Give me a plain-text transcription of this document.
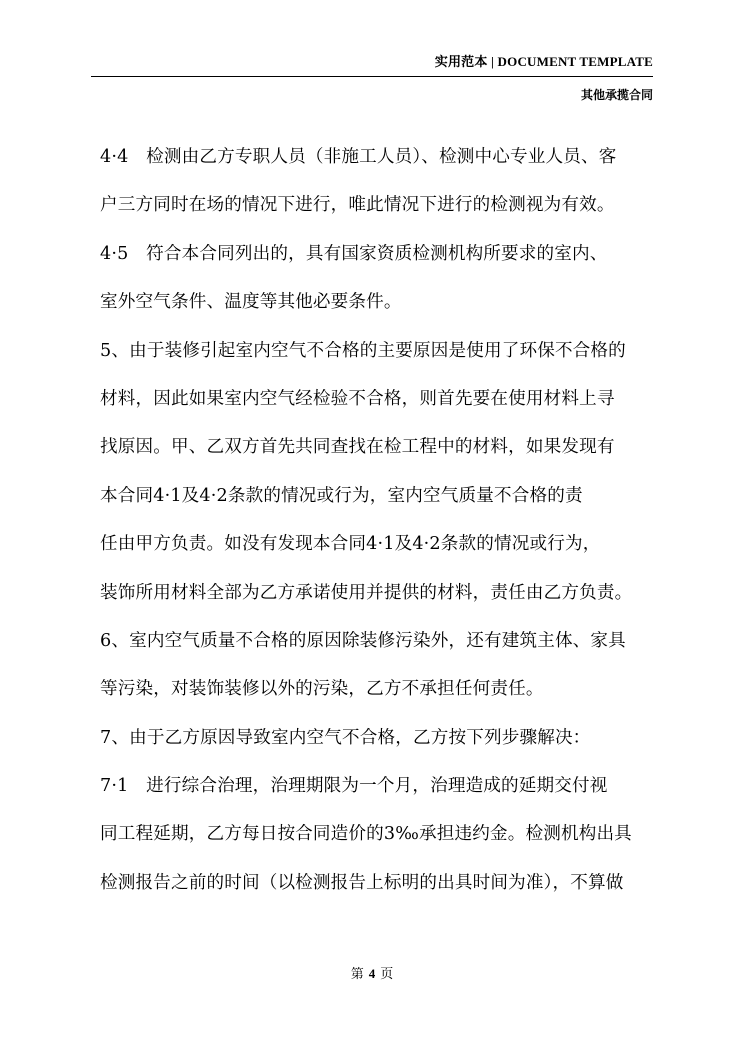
实用范本 | DOCUMENT TEMPLATE
其他承揽合同
4·4　检测由乙方专职人员（非施工人员）、检测中心专业人员、客
户三方同时在场的情况下进行，唯此情况下进行的检测视为有效。
4·5　符合本合同列出的，具有国家资质检测机构所要求的室内、
室外空气条件、温度等其他必要条件。
5、由于装修引起室内空气不合格的主要原因是使用了环保不合格的
材料，因此如果室内空气经检验不合格，则首先要在使用材料上寻
找原因。甲、乙双方首先共同查找在检工程中的材料，如果发现有
本合同4·1及4·2条款的情况或行为，室内空气质量不合格的责
任由甲方负责。如没有发现本合同4·1及4·2条款的情况或行为，
装饰所用材料全部为乙方承诺使用并提供的材料，责任由乙方负责。
6、室内空气质量不合格的原因除装修污染外，还有建筑主体、家具
等污染，对装饰装修以外的污染，乙方不承担任何责任。
7、由于乙方原因导致室内空气不合格，乙方按下列步骤解决：
7·1　进行综合治理，治理期限为一个月，治理造成的延期交付视
同工程延期，乙方每日按合同造价的3‰承担违约金。检测机构出具
检测报告之前的时间（以检测报告上标明的出具时间为准），不算做
第 4 页
